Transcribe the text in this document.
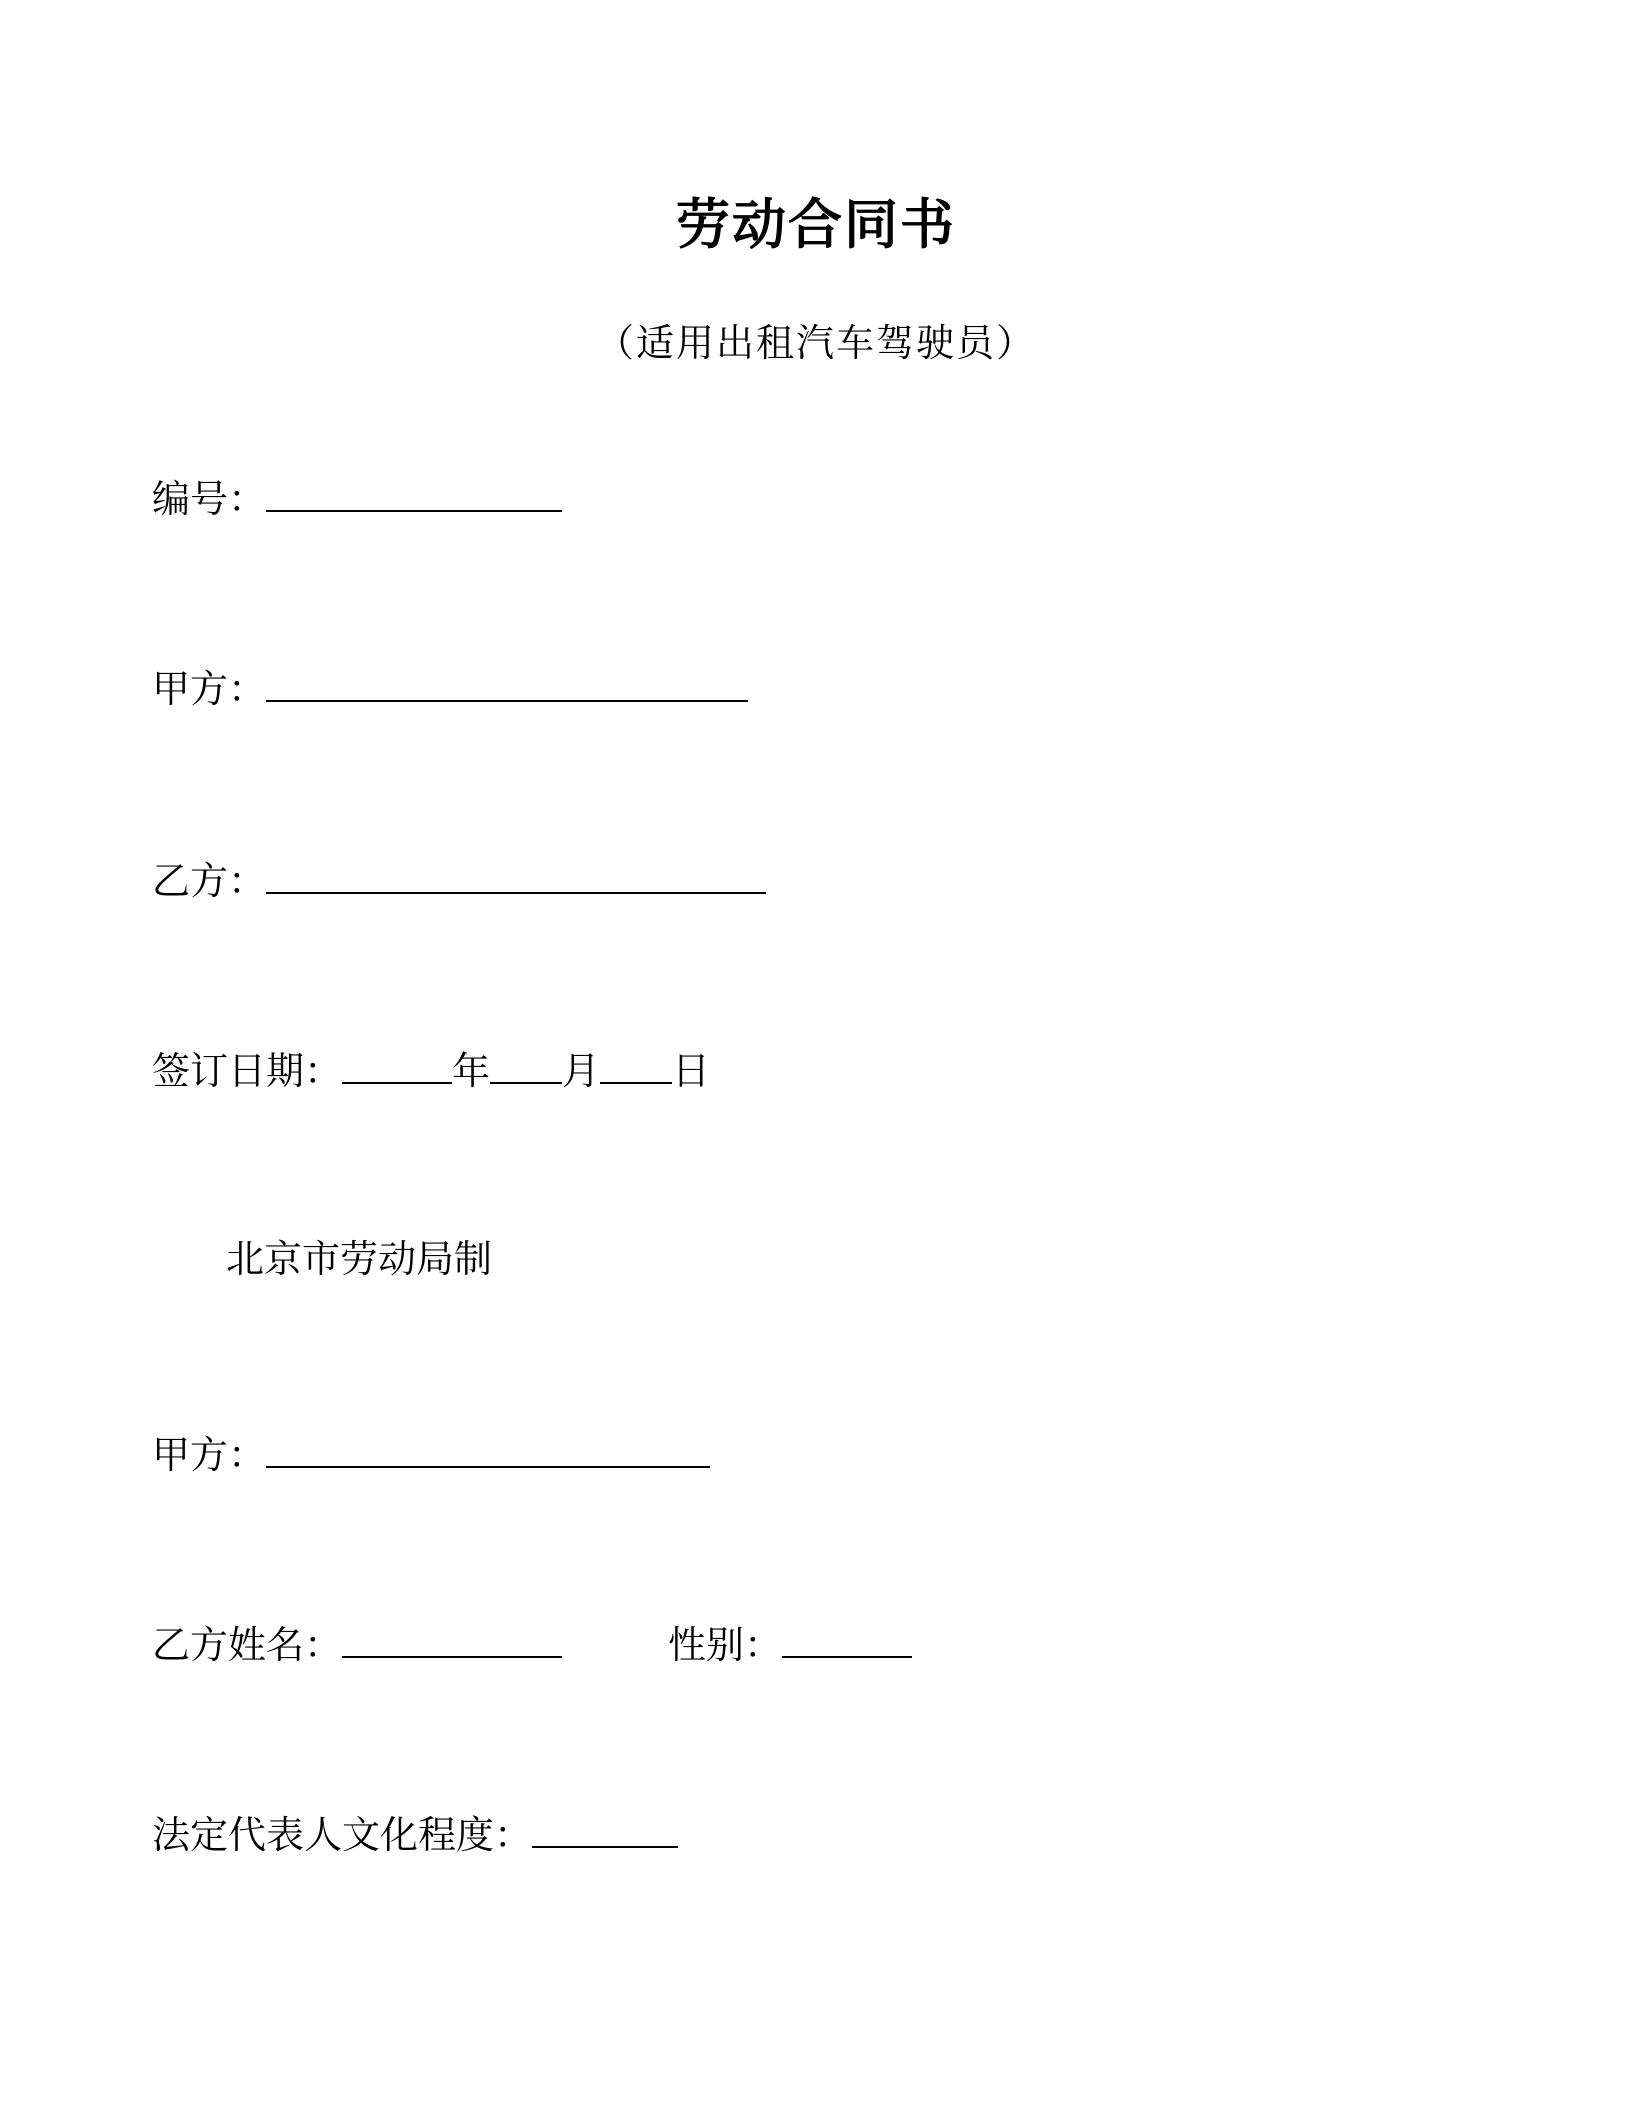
劳动合同书
（适用出租汽车驾驶员）
编号：
甲方：
乙方：
签订日期：	年 月 日
北京市劳动局制
甲方：
乙方姓名：	性别：
法定代表人文化程度：
